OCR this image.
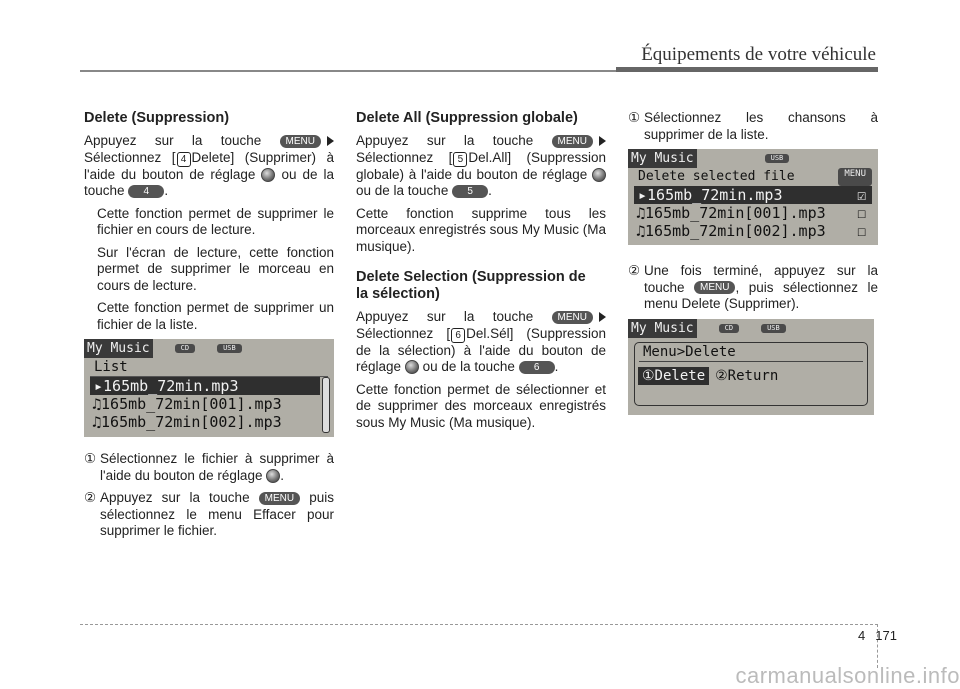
Équipements de votre véhicule
Delete (Suppression)

Appuyez sur la touche MENU Sélectionnez [ 4 Delete] (Supprimer) à l'aide du bouton de réglage ou de la touche 4 .

Cette fonction permet de supprimer le fichier en cours de lecture.

Sur l'écran de lecture, cette fonction permet de supprimer le morceau en cours de lecture.

Cette fonction permet de supprimer un fichier de la liste.

My Music	CD	USB
List
▸165mb_72min.mp3
♫165mb_72min[001].mp3
♫165mb_72min[002].mp3
① Sélectionnez le fichier à supprimer à l'aide du bouton de réglage .
② Appuyez sur la touche MENU puis sélectionnez le menu Effacer pour supprimer le fichier.
Delete All (Suppression globale)

Appuyez sur la touche MENU Sélectionnez [ 5 Del.All] (Suppression globale) à l'aide du bouton de réglage  ou de la touche 5 .

Cette fonction supprime tous les morceaux enregistrés sous My Music (Ma musique).

Delete Selection (Suppression de la sélection)

Appuyez sur la touche MENU Sélectionnez [ 6 Del.Sél] (Suppression de la sélection) à l'aide du bouton de réglage ou de la touche 6 .

Cette fonction permet de sélectionner et de supprimer des morceaux enregistrés sous My Music (Ma musique).

① Sélectionnez les chansons à supprimer de la liste.
My Music	USB
Delete selected file	MENU
▸165mb_72min.mp3	☑
♫165mb_72min[001].mp3 ☐
♫165mb_72min[002].mp3 ☐
② Une fois terminé, appuyez sur la touche MENU , puis sélectionnez le menu Delete (Supprimer).
My Music	CD	USB
Menu>Delete
①Delete ②Return
4 171
carmanualsonline.info
